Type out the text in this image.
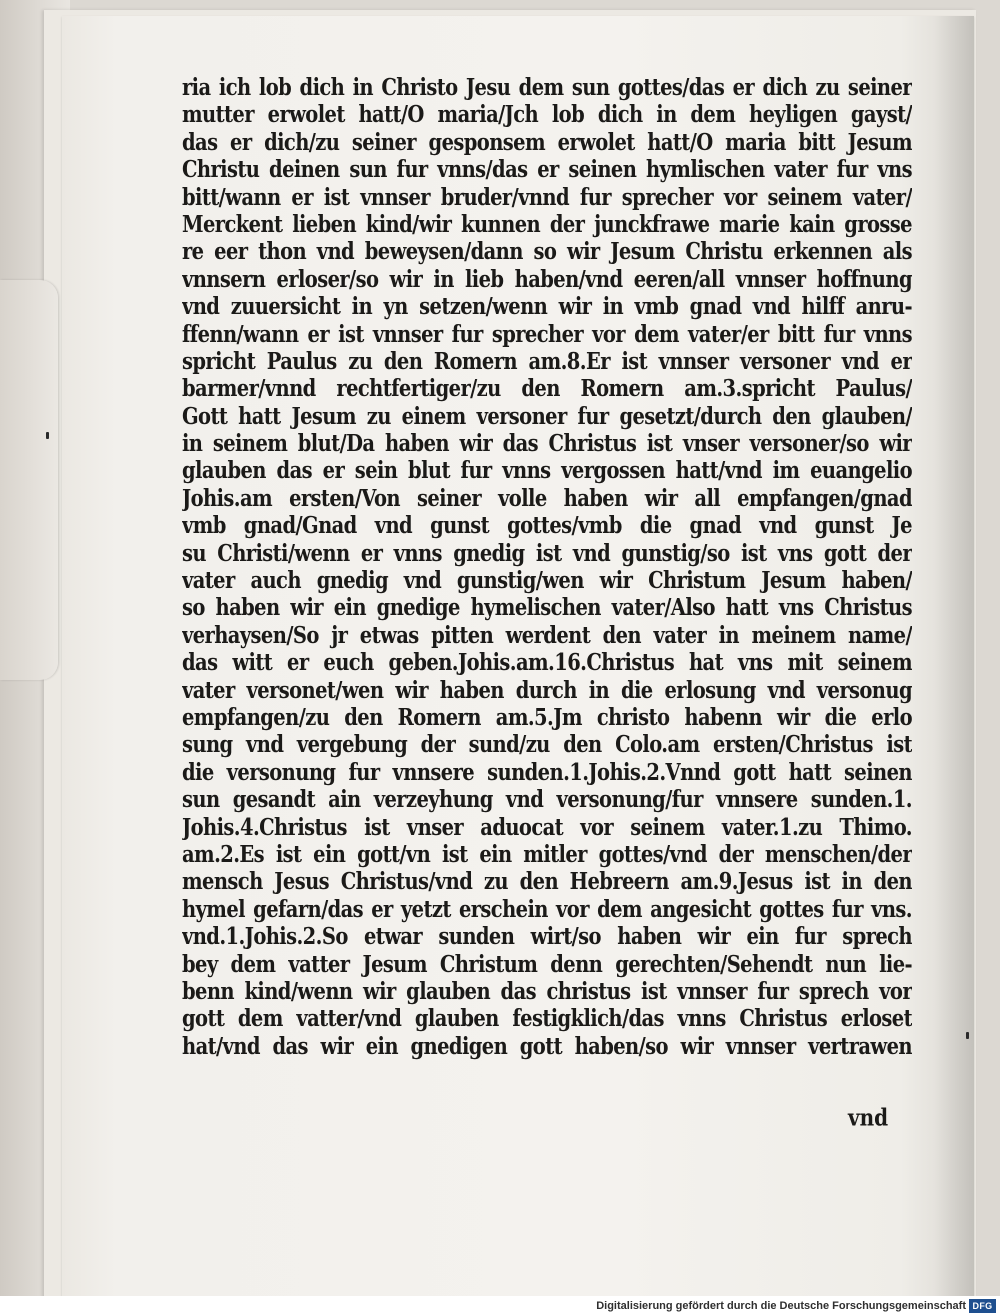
ria ich lob dich in Christo Jesu dem sun gottes/das er dich zu seiner
mutter erwolet hatt/O maria/Jch lob dich in dem heyligen gayst/
das er dich/zu seiner gesponsem erwolet hatt/O maria bitt Jesum
Christu deinen sun fur vnns/das er seinen hymlischen vater fur vns
bitt/wann er ist vnnser bruder/vnnd fur sprecher vor seinem vater/
Merckent lieben kind/wir kunnen der junckfrawe marie kain grosse
re eer thon vnd beweysen/dann so wir Jesum Christu erkennen als
vnnsern erloser/so wir in lieb haben/vnd eeren/all vnnser hoffnung
vnd zuuersicht in yn setzen/wenn wir in vmb gnad vnd hilff anru-
ffenn/wann er ist vnnser fur sprecher vor dem vater/er bitt fur vnns
spricht Paulus zu den Romern am.8.Er ist vnnser versoner vnd er
barmer/vnnd rechtfertiger/zu den Romern am.3.spricht Paulus/
Gott hatt Jesum zu einem versoner fur gesetzt/durch den glauben/
in seinem blut/Da haben wir das Christus ist vnser versoner/so wir
glauben das er sein blut fur vnns vergossen hatt/vnd im euangelio
Johis.am ersten/Von seiner volle haben wir all empfangen/gnad
vmb gnad/Gnad vnd gunst gottes/vmb die gnad vnd gunst Je
su Christi/wenn er vnns gnedig ist vnd gunstig/so ist vns gott der
vater auch gnedig vnd gunstig/wen wir Christum Jesum haben/
so haben wir ein gnedige hymelischen vater/Also hatt vns Christus
verhaysen/So jr etwas pitten werdent den vater in meinem name/
das witt er euch geben.Johis.am.16.Christus hat vns mit seinem
vater versonet/wen wir haben durch in die erlosung vnd versonug
empfangen/zu den Romern am.5.Jm christo habenn wir die erlo
sung vnd vergebung der sund/zu den Colo.am ersten/Christus ist
die versonung fur vnnsere sunden.1.Johis.2.Vnnd gott hatt seinen
sun gesandt ain verzeyhung vnd versonung/fur vnnsere sunden.1.
Johis.4.Christus ist vnser aduocat vor seinem vater.1.zu Thimo.
am.2.Es ist ein gott/vn ist ein mitler gottes/vnd der menschen/der
mensch Jesus Christus/vnd zu den Hebreern am.9.Jesus ist in den
hymel gefarn/das er yetzt erschein vor dem angesicht gottes fur vns.
vnd.1.Johis.2.So etwar sunden wirt/so haben wir ein fur sprech
bey dem vatter Jesum Christum denn gerechten/Sehendt nun lie-
benn kind/wenn wir glauben das christus ist vnnser fur sprech vor
gott dem vatter/vnd glauben festigklich/das vnns Christus erloset
hat/vnd das wir ein gnedigen gott haben/so wir vnnser vertrawen
vnd
Digitalisierung gefördert durch die Deutsche Forschungsgemeinschaft DFG
